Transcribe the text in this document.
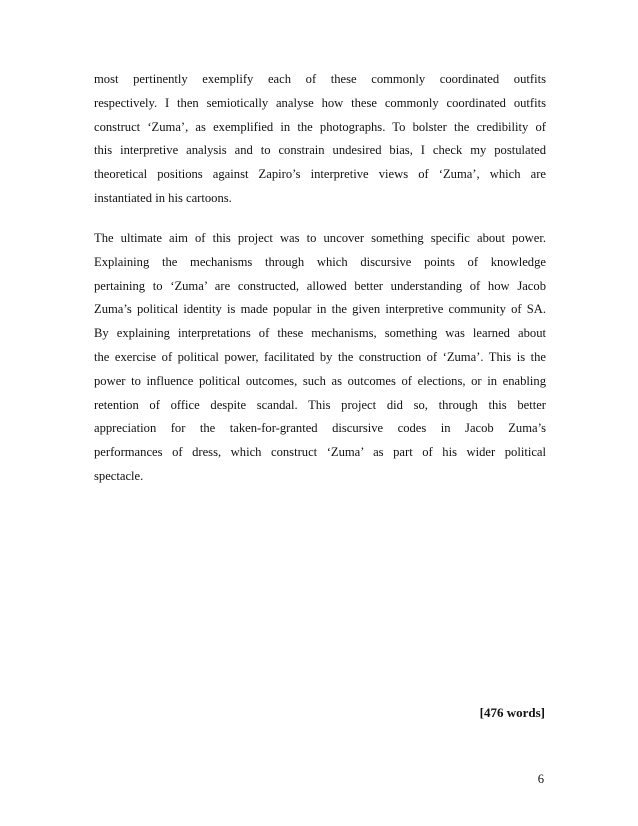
most pertinently exemplify each of these commonly coordinated outfits
respectively. I then semiotically analyse how these commonly coordinated outfits
construct ‘Zuma’, as exemplified in the photographs. To bolster the credibility of
this interpretive analysis and to constrain undesired bias, I check my postulated
theoretical positions against Zapiro’s interpretive views of ‘Zuma’, which are
instantiated in his cartoons.
The ultimate aim of this project was to uncover something specific about power.
Explaining the mechanisms through which discursive points of knowledge
pertaining to ‘Zuma’ are constructed, allowed better understanding of how Jacob
Zuma’s political identity is made popular in the given interpretive community of SA.
By explaining interpretations of these mechanisms, something was learned about
the exercise of political power, facilitated by the construction of ‘Zuma’. This is the
power to influence political outcomes, such as outcomes of elections, or in enabling
retention of office despite scandal. This project did so, through this better
appreciation for the taken-for-granted discursive codes in Jacob Zuma’s
performances of dress, which construct ‘Zuma’ as part of his wider political
spectacle.

[476 words]

6
